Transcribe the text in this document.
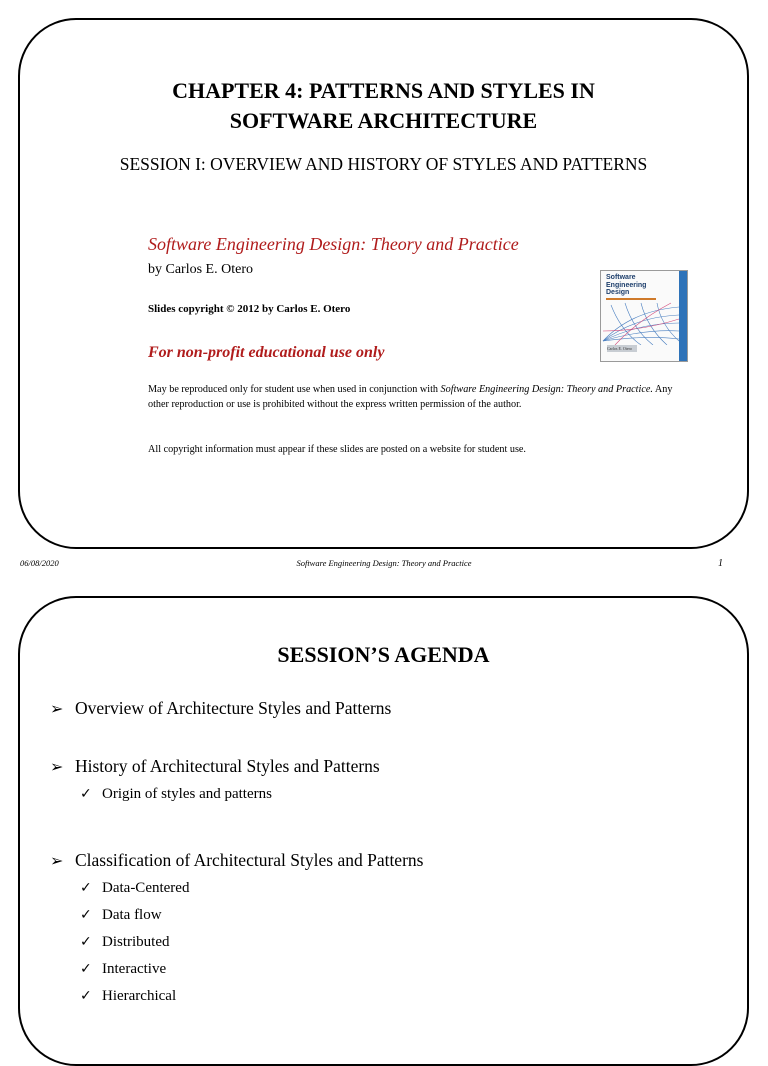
CHAPTER 4: PATTERNS AND STYLES IN
SOFTWARE ARCHITECTURE
SESSION I: OVERVIEW AND HISTORY OF STYLES AND PATTERNS
Software Engineering Design: Theory and Practice
by Carlos E. Otero
Slides copyright © 2012 by Carlos E. Otero
For non-profit educational use only
May be reproduced only for student use when used in conjunction with Software Engineering Design: Theory and Practice. Any other reproduction or use is prohibited without the express written permission of the author.
All copyright information must appear if these slides are posted on a website for student use.
Software Engineering Design
Carlos E. Otero
06/08/2020	Software Engineering Design: Theory and Practice	1
SESSION’S AGENDA
➢ Overview of Architecture Styles and Patterns
➢ History of Architectural Styles and Patterns
✓ Origin of styles and patterns
➢ Classification of Architectural Styles and Patterns
✓ Data-Centered
✓ Data flow
✓ Distributed
✓ Interactive
✓ Hierarchical
